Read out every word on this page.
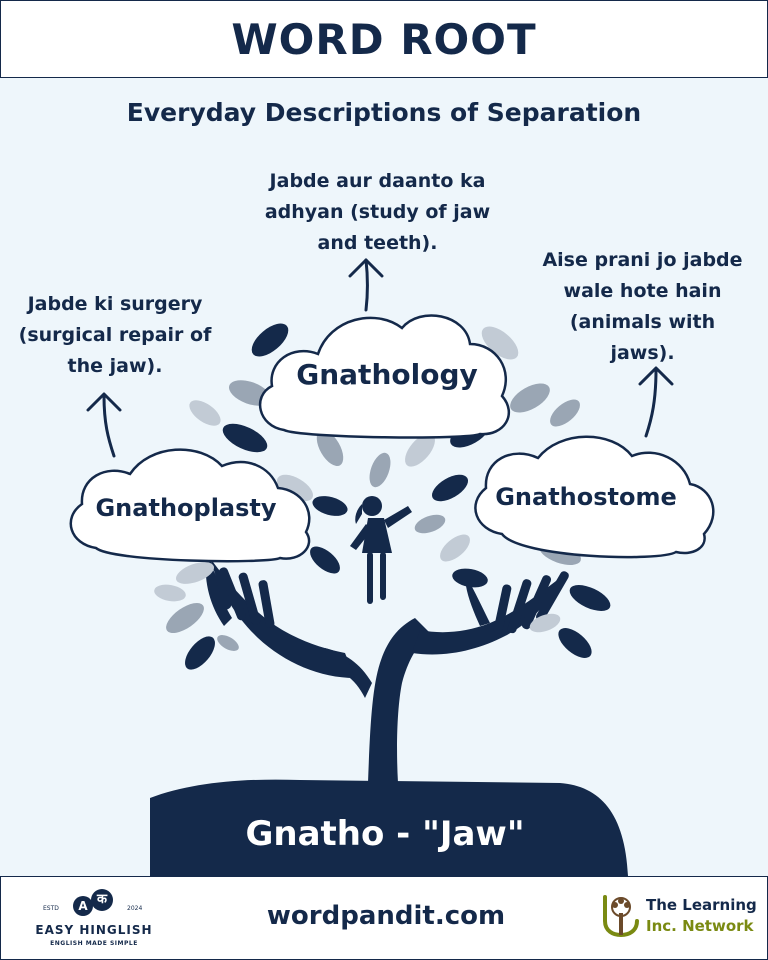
WORD ROOT
Everyday Descriptions of Separation
Jabde ki surgery
(surgical repair of
the jaw).
Jabde aur daanto ka
adhyan (study of jaw
and teeth).
Aise prani jo jabde
wale hote hain
(animals with
jaws).
Gnathology
Gnathoplasty	Gnathostome
Gnatho - "Jaw"
ESTD	A क
2024
EASY HINGLISH
ENGLISH MADE SIMPLE
wordpandit.com	The Learning
Inc. Network
